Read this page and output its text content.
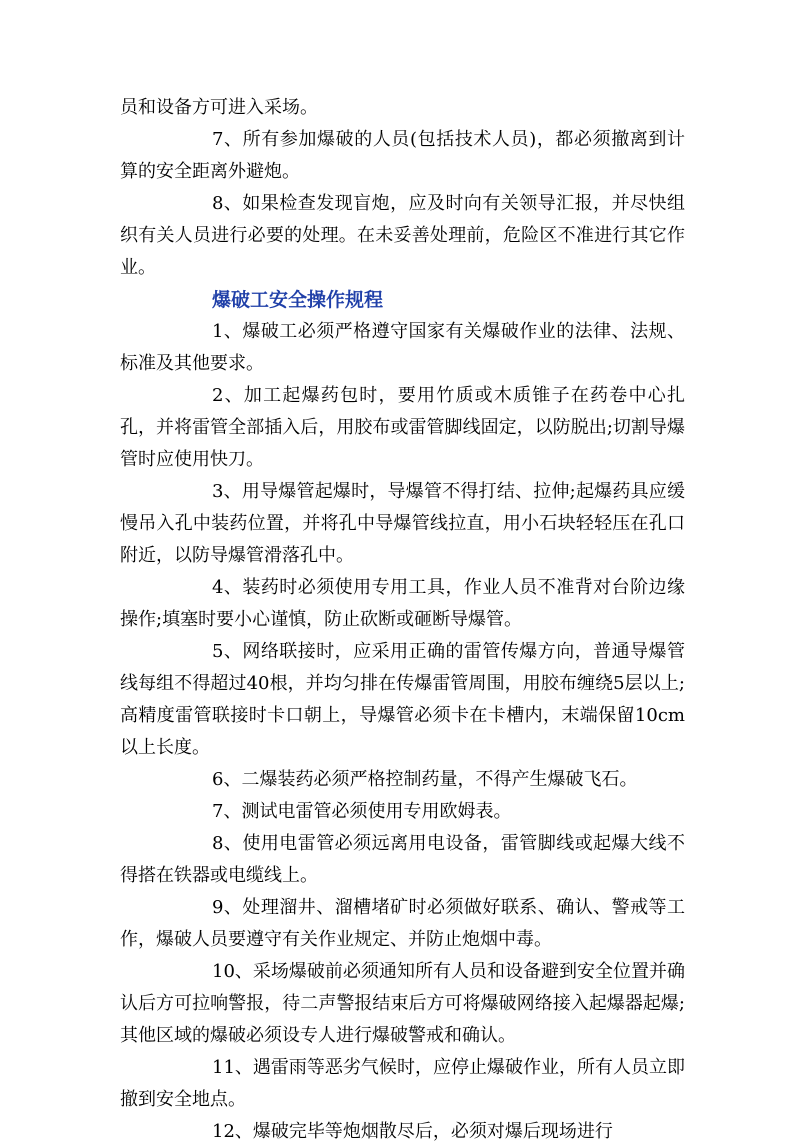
员和设备方可进入采场。

7、所有参加爆破的人员(包括技术人员)，都必须撤离到计算的安全距离外避炮。

8、如果检查发现盲炮，应及时向有关领导汇报，并尽快组织有关人员进行必要的处理。在未妥善处理前，危险区不准进行其它作业。

爆破工安全操作规程

1、爆破工必须严格遵守国家有关爆破作业的法律、法规、标准及其他要求。

2、加工起爆药包时，要用竹质或木质锥子在药卷中心扎孔，并将雷管全部插入后，用胶布或雷管脚线固定，以防脱出;切割导爆管时应使用快刀。

3、用导爆管起爆时，导爆管不得打结、拉伸;起爆药具应缓慢吊入孔中装药位置，并将孔中导爆管线拉直，用小石块轻轻压在孔口附近，以防导爆管滑落孔中。

4、装药时必须使用专用工具，作业人员不准背对台阶边缘操作;填塞时要小心谨慎，防止砍断或砸断导爆管。

5、网络联接时，应采用正确的雷管传爆方向，普通导爆管线每组不得超过40根，并均匀排在传爆雷管周围，用胶布缠绕5层以上;高精度雷管联接时卡口朝上，导爆管必须卡在卡槽内，末端保留10cm以上长度。

6、二爆装药必须严格控制药量，不得产生爆破飞石。

7、测试电雷管必须使用专用欧姆表。

8、使用电雷管必须远离用电设备，雷管脚线或起爆大线不得搭在铁器或电缆线上。

9、处理溜井、溜槽堵矿时必须做好联系、确认、警戒等工作，爆破人员要遵守有关作业规定、并防止炮烟中毒。

10、采场爆破前必须通知所有人员和设备避到安全位置并确认后方可拉响警报，待二声警报结束后方可将爆破网络接入起爆器起爆;其他区域的爆破必须设专人进行爆破警戒和确认。

11、遇雷雨等恶劣气候时，应停止爆破作业，所有人员立即撤到安全地点。

12、爆破完毕等炮烟散尽后，必须对爆后现场进行
